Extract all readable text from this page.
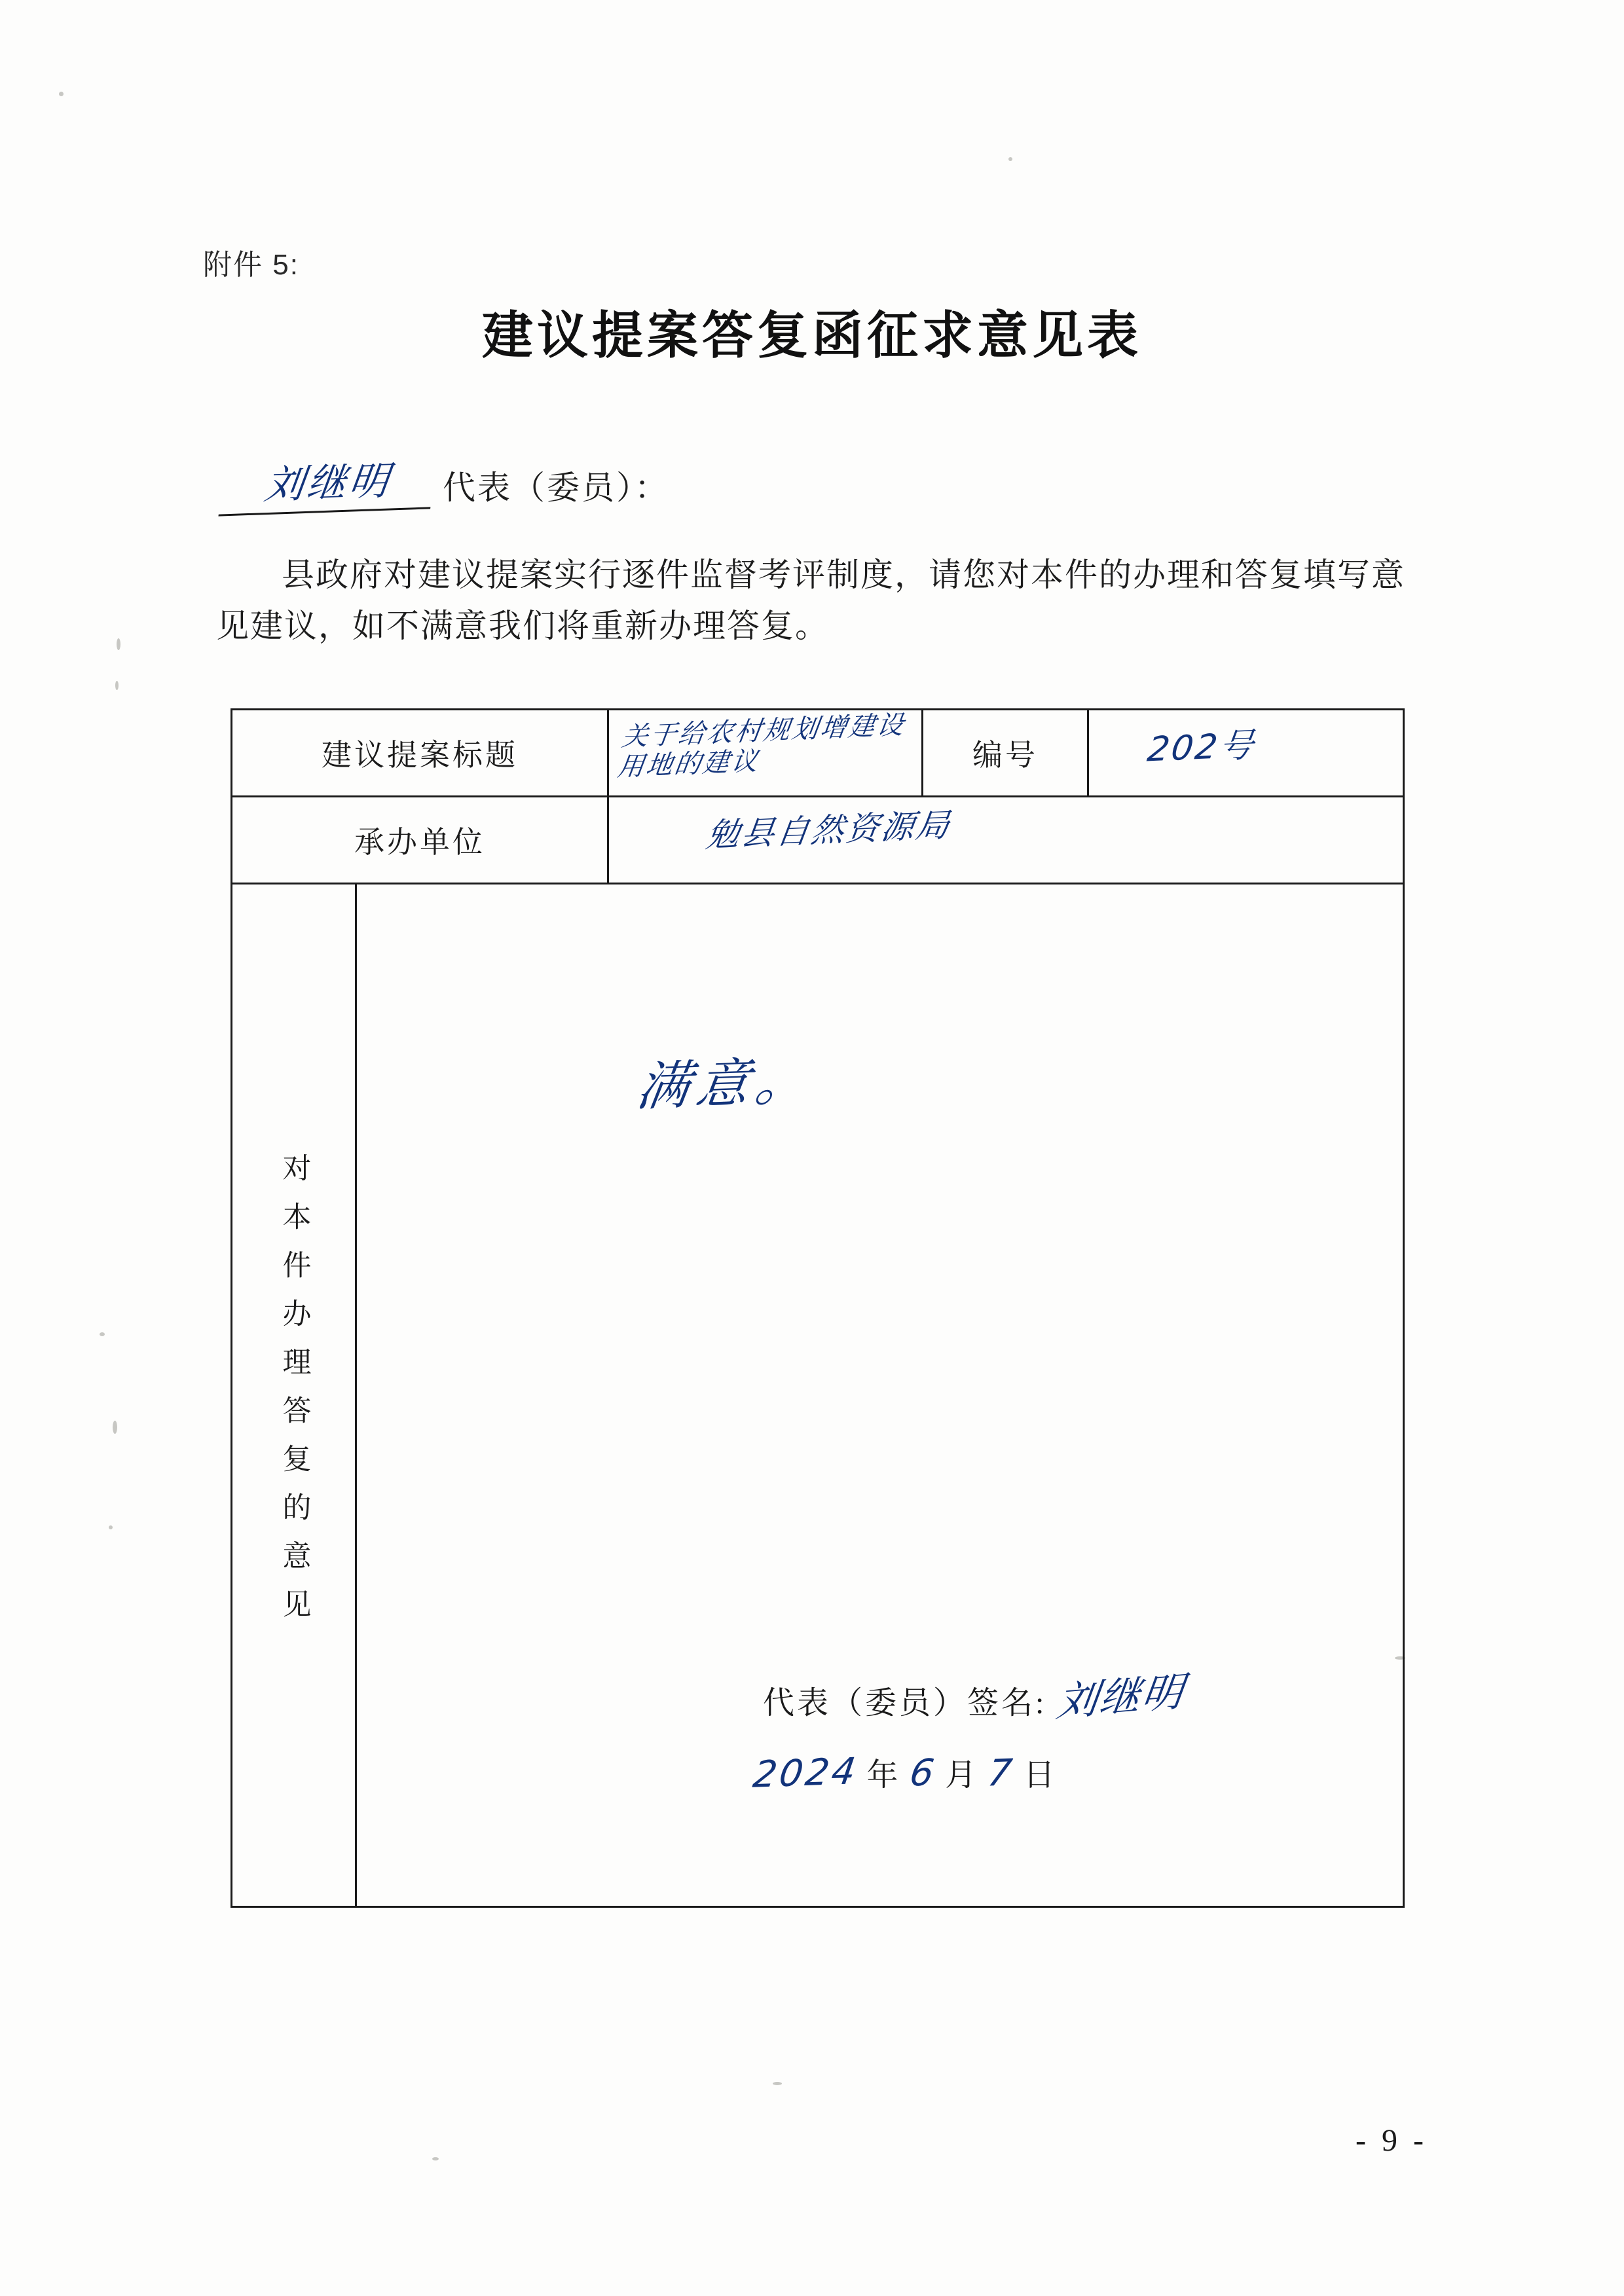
附件 5:
建议提案答复函征求意见表
刘继明	代表（委员）：
县政府对建议提案实行逐件监督考评制度，请您对本件的办理和答复填写意见建议，如不满意我们将重新办理答复。
建议提案标题		关于给农村规划增建设用地的建议	编号 202号

承办单位		勉县自然资源局	

对本件办理答复的意见

满意。
代表（委员）签名: 刘继明
2024 年 6 月 7 日
- 9 -
